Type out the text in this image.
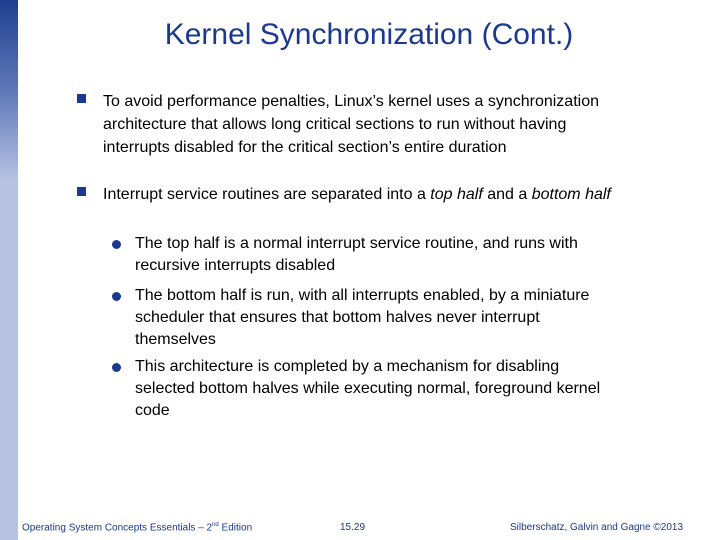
Kernel Synchronization (Cont.)
To avoid performance penalties, Linux’s kernel uses a synchronization architecture that allows long critical sections to run without having interrupts disabled for the critical section’s entire duration
Interrupt service routines are separated into a top half and a bottom half
The top half is a normal interrupt service routine, and runs with recursive interrupts disabled
The bottom half is run, with all interrupts enabled, by a miniature scheduler that ensures that bottom halves never interrupt themselves
This architecture is completed by a mechanism for disabling selected bottom halves while executing normal, foreground kernel code
Operating System Concepts Essentials – 2nd Edition	15.29	Silberschatz, Galvin and Gagne ©2013
